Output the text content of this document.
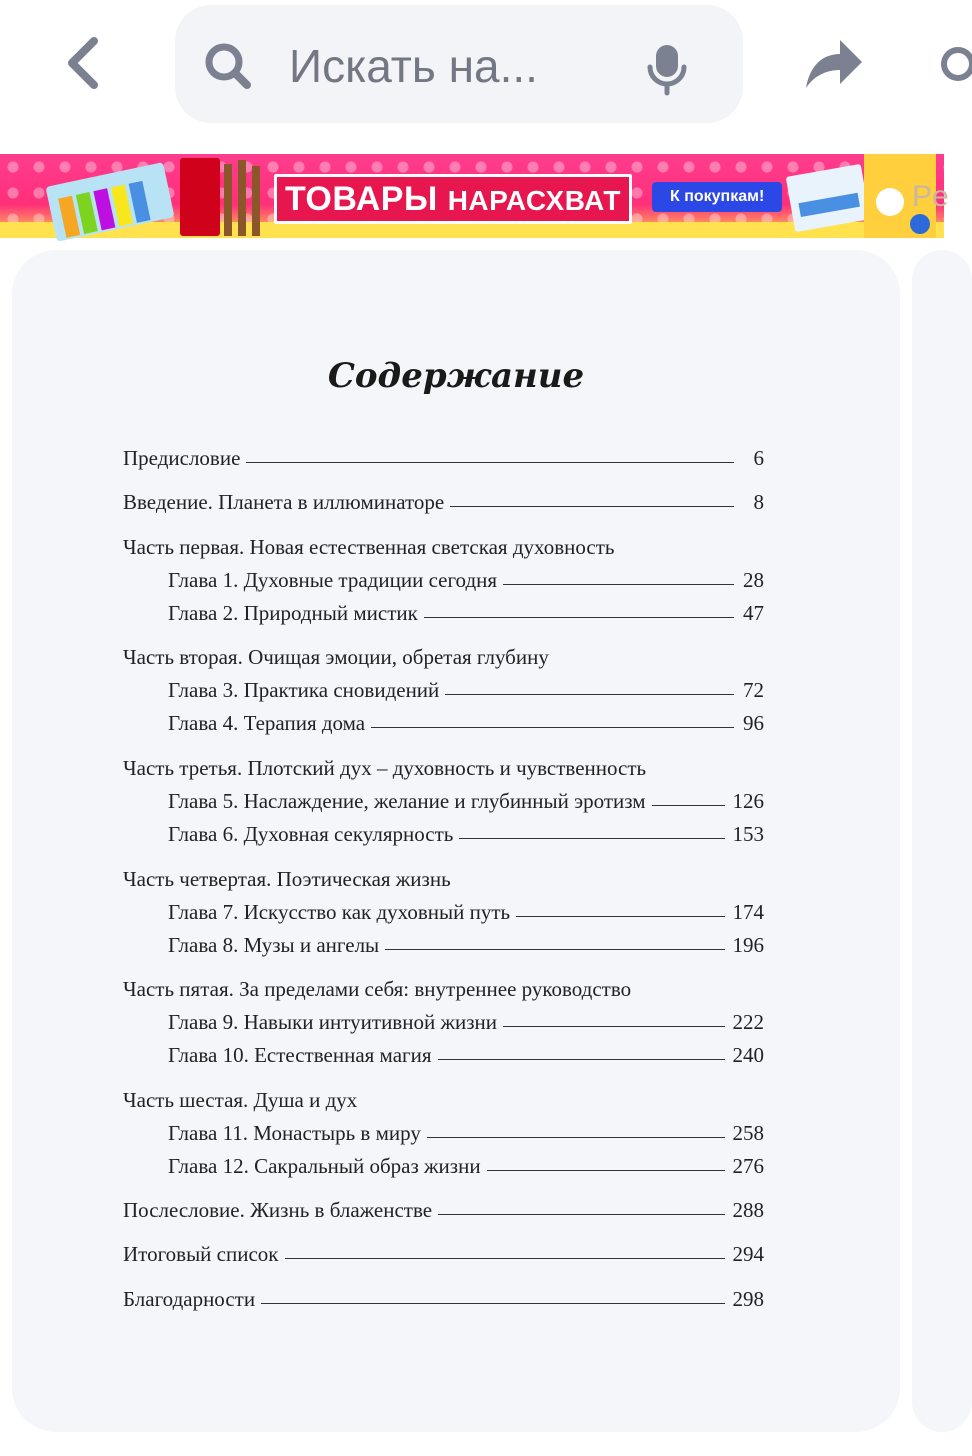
Искать на...
ТОВАРЫ НАРАСХВАТ	К покупкам!	Pe
Содержание
Предисловие	6
Введение. Планета в иллюминаторе	8
Часть первая. Новая естественная светская духовность
Глава 1. Духовные традиции сегодня	28
Глава 2. Природный мистик	47
Часть вторая. Очищая эмоции, обретая глубину
Глава 3. Практика сновидений	72
Глава 4. Терапия дома	96
Часть третья. Плотский дух – духовность и чувственность
Глава 5. Наслаждение, желание и глубинный эротизм	126
Глава 6. Духовная секулярность	153
Часть четвертая. Поэтическая жизнь
Глава 7. Искусство как духовный путь	174
Глава 8. Музы и ангелы	196
Часть пятая. За пределами себя: внутреннее руководство
Глава 9. Навыки интуитивной жизни	222
Глава 10. Естественная магия	240
Часть шестая. Душа и дух
Глава 11. Монастырь в миру	258
Глава 12. Сакральный образ жизни	276
Послесловие. Жизнь в блаженстве	288
Итоговый список	294
Благодарности	298
